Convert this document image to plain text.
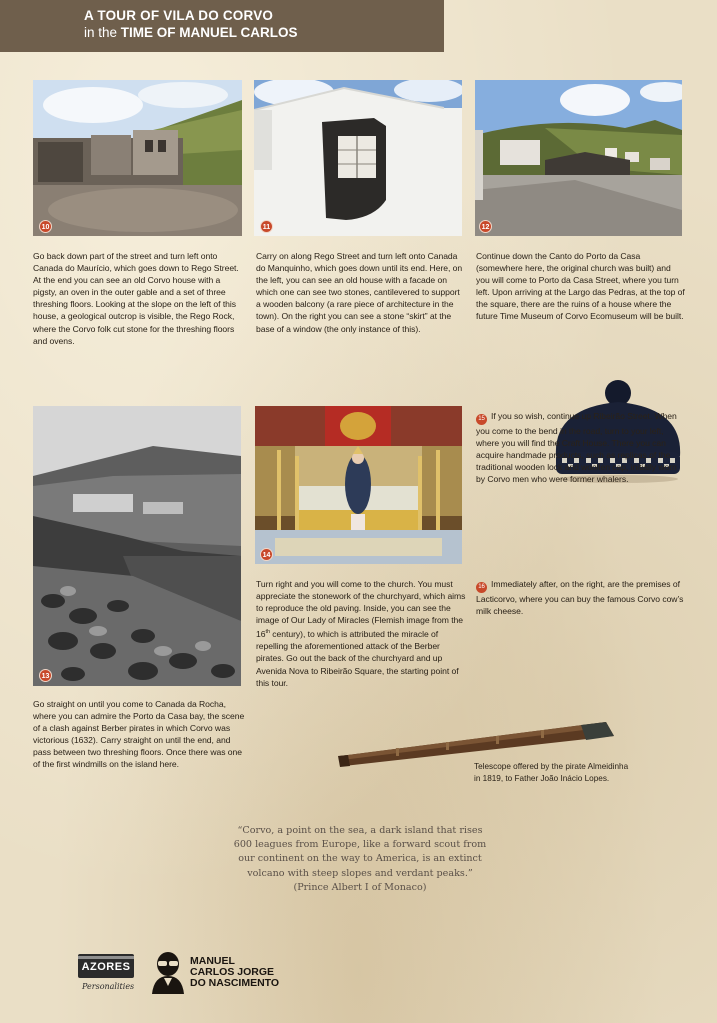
A TOUR OF VILA DO CORVO
in the TIME OF MANUEL CARLOS
10	11	12
Go back down part of the street and turn left onto Canada do Maurício, which goes down to Rego Street. At the end you can see an old Corvo house with a pigsty, an oven in the outer gable and a set of three threshing floors. Looking at the slope on the left of this house, a geological outcrop is visible, the Rego Rock, where the Corvo folk cut stone for the threshing floors and ovens.
Carry on along Rego Street and turn left onto Canada do Manquinho, which goes down until its end. Here, on the left, you can see an old house with a facade on which one can see two stones, cantilevered to support a wooden balcony (a rare piece of architecture in the town). On the right you can see a stone “skirt” at the base of a window (the only instance of this).
Continue down the Canto do Porto da Casa (somewhere here, the original church was built) and you will come to Porto da Casa Street, where you turn left. Upon arriving at the Largo das Pedras, at the top of the square, there are the ruins of a house where the future Time Museum of Corvo Ecomuseum will be built.
13
14
Go straight on until you come to Canada da Rocha, where you can admire the Porto da Casa bay, the scene of a clash against Berber pirates in which Corvo was victorious (1632). Carry straight on until the end, and pass between two threshing floors. Once there was one of the first windmills on the island here.
Turn right and you will come to the church. You must appreciate the stonework of the churchyard, which aims to reproduce the old paving. Inside, you can see the image of Our Lady of Miracles (Flemish image from the 16th century), to which is attributed the miracle of repelling the aforementioned attack of the Berber pirates. Go out the back of the churchyard and up Avenida Nova to Ribeirão Square, the starting point of this tour.
15 If you so wish, continue up Ribeirão Street. When you come to the bend in the road, turn to your left, where you will find the Craft House. There you can acquire handmade products, such as replicas of the traditional wooden lock and woollen cap, initially worn by Corvo men who were former whalers.
16 Immediately after, on the right, are the premises of Lacticorvo, where you can buy the famous Corvo cow’s milk cheese.
Telescope offered by the pirate Almeidinha
in 1819, to Father João Inácio Lopes.
“Corvo, a point on the sea, a dark island that rises
600 leagues from Europe, like a forward scout from
our continent on the way to America, is an extinct
volcano with steep slopes and verdant peaks.”
(Prince Albert I of Monaco)
AZORES
Personalities
MANUEL
CARLOS JORGE
DO NASCIMENTO
